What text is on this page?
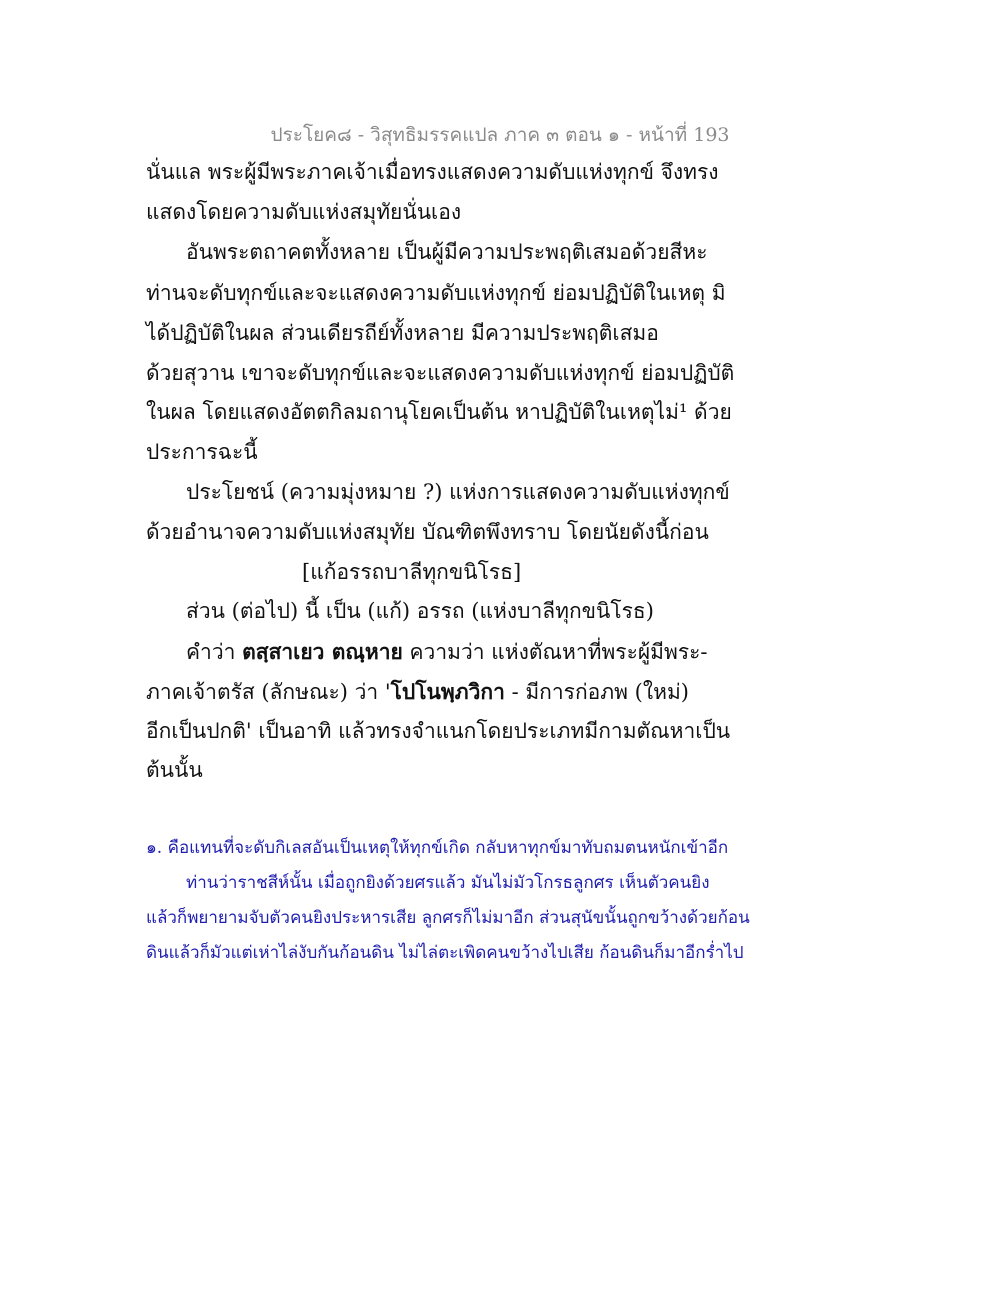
ประโยค๘ - วิสุทธิมรรคแปล ภาค ๓ ตอน ๑ - หน้าที่ 193
นั่นแล พระผู้มีพระภาคเจ้าเมื่อทรงแสดงความดับแห่งทุกข์ จึงทรง
แสดงโดยความดับแห่งสมุทัยนั่นเอง
อันพระตถาคตทั้งหลาย เป็นผู้มีความประพฤติเสมอด้วยสีหะ
ท่านจะดับทุกข์และจะแสดงความดับแห่งทุกข์ ย่อมปฏิบัติในเหตุ มิ
ได้ปฏิบัติในผล ส่วนเดียรถีย์ทั้งหลาย มีความประพฤติเสมอ
ด้วยสุวาน เขาจะดับทุกข์และจะแสดงความดับแห่งทุกข์ ย่อมปฏิบัติ
ในผล โดยแสดงอัตตกิลมถานุโยคเป็นต้น หาปฏิบัติในเหตุไม่¹ ด้วย
ประการฉะนี้
ประโยชน์ (ความมุ่งหมาย ?) แห่งการแสดงความดับแห่งทุกข์
ด้วยอำนาจความดับแห่งสมุทัย บัณฑิตพึงทราบ โดยนัยดังนี้ก่อน
[แก้อรรถบาลีทุกขนิโรธ]
ส่วน (ต่อไป) นี้ เป็น (แก้) อรรถ (แห่งบาลีทุกขนิโรธ)
คำว่า ตสฺสาเยว ตณฺหาย ความว่า แห่งตัณหาที่พระผู้มีพระ-
ภาคเจ้าตรัส (ลักษณะ) ว่า 'โปโนพฺภวิกา - มีการก่อภพ (ใหม่)
อีกเป็นปกติ' เป็นอาทิ แล้วทรงจำแนกโดยประเภทมีกามตัณหาเป็น
ต้นนั้น
๑. คือแทนที่จะดับกิเลสอันเป็นเหตุให้ทุกข์เกิด กลับหาทุกข์มาทับถมตนหนักเข้าอีก
ท่านว่าราชสีห์นั้น เมื่อถูกยิงด้วยศรแล้ว มันไม่มัวโกรธลูกศร เห็นตัวคนยิง
แล้วก็พยายามจับตัวคนยิงประหารเสีย ลูกศรก็ไม่มาอีก ส่วนสุนัขนั้นถูกขว้างด้วยก้อน
ดินแล้วก็มัวแต่เห่าไล่งับกันก้อนดิน ไม่ไล่ตะเพิดคนขว้างไปเสีย ก้อนดินก็มาอีกร่ำไป
